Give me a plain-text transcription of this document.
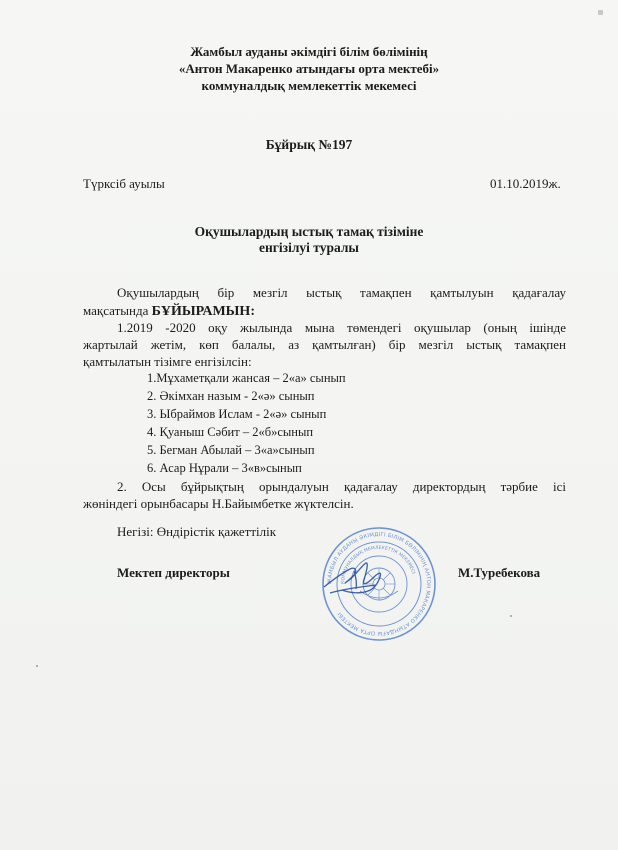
Жамбыл ауданы әкімдігі білім бөлімінің
«Антон Макаренко атындағы орта мектебі»
коммуналдық мемлекеттік мекемесі
Бұйрық №197
Түрксіб ауылы	01.10.2019ж.
Оқушылардың ыстық тамақ тізіміне
енгізілуі туралы
Оқушылардың бір мезгіл ыстық тамақпен қамтылуын қадағалау
мақсатында БҰЙЫРАМЫН:
1.2019 -2020 оқу жылында мына төмендегі оқушылар (оның ішінде
жартылай жетім, көп балалы, аз қамтылған) бір мезгіл ыстық тамақпен
қамтылатын тізімге енгізілсін:
1.Мұхаметқали жансая – 2«а» сынып
2. Әкімхан назым - 2«ә» сынып
3. Ыбраймов Ислам - 2«ә» сынып
4. Қуаныш Сәбит – 2«б»сынып
5. Бегман Абылай – 3«а»сынып
6. Асар Нұрали – 3«в»сынып
2. Осы бұйрықтың орындалуын қадағалау директордың тәрбие ісі
жөніндегі орынбасары Н.Байымбетке жүктелсін.
Негізі: Өндірістік қажеттілік
ЖАМБЫЛ АУДАНЫ ӘКІМДІГІ БІЛІМ БӨЛІМІНІҢ АНТОН МАКАРЕНКО АТЫНДАҒЫ ОРТА МЕКТЕБІ
КОММУНАЛДЫҚ МЕМЛЕКЕТТІК МЕКЕМЕСІ
Мектеп директоры	М.Туребекова
